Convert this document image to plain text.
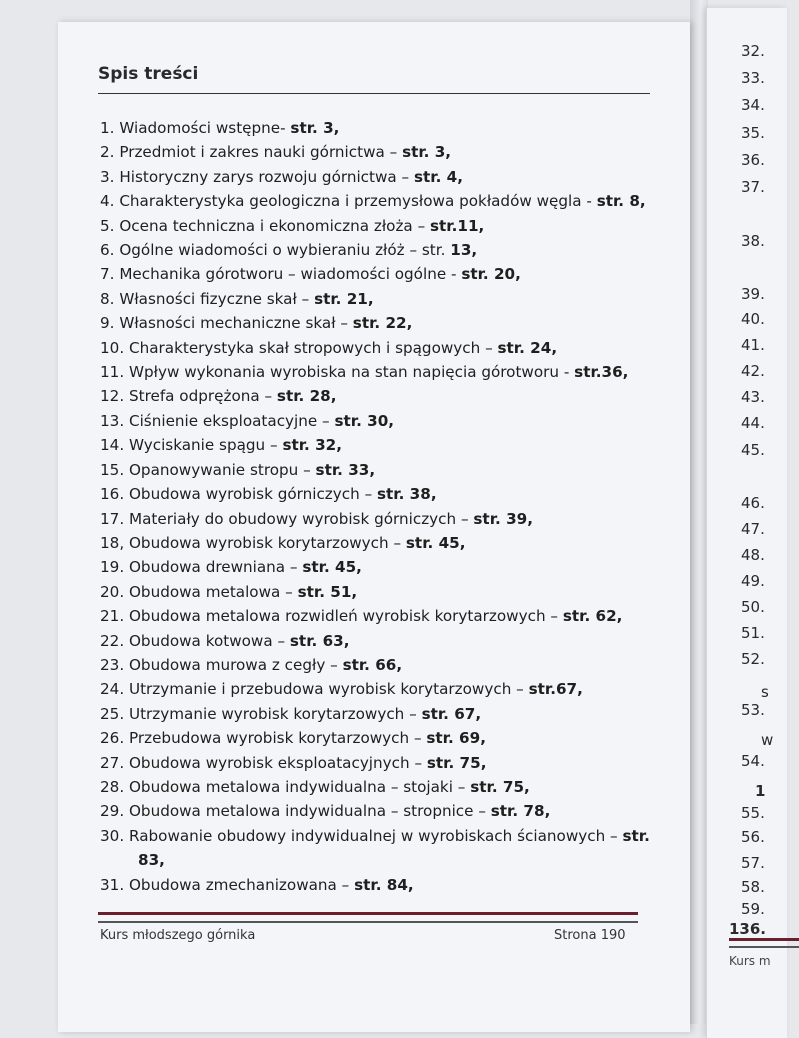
32.
33.
34.
35.
36.
37.
38.
39.
40.
41.
42.
43.
44.
45.
46.
47.
48.
49.
50.
51.
52.
s
53.
w
54.
1
55.
56.
57.
58.
59.
136.
Kurs m
Spis treści
1. Wiadomości wstępne- str. 3,
2. Przedmiot i zakres nauki górnictwa – str. 3,
3. Historyczny zarys rozwoju górnictwa – str. 4,
4. Charakterystyka geologiczna i przemysłowa pokładów węgla - str. 8,
5. Ocena techniczna i ekonomiczna złoża – str.11,
6. Ogólne wiadomości o wybieraniu złóż – str. 13,
7. Mechanika górotworu – wiadomości ogólne - str. 20,
8. Własności fizyczne skał – str. 21,
9. Własności mechaniczne skał – str. 22,
10. Charakterystyka skał stropowych i spągowych – str. 24,
11. Wpływ wykonania wyrobiska na stan napięcia górotworu - str.36,
12. Strefa odprężona – str. 28,
13. Ciśnienie eksploatacyjne – str. 30,
14. Wyciskanie spągu – str. 32,
15. Opanowywanie stropu – str. 33,
16. Obudowa wyrobisk górniczych – str. 38,
17. Materiały do obudowy wyrobisk górniczych – str. 39,
18, Obudowa wyrobisk korytarzowych – str. 45,
19. Obudowa drewniana – str. 45,
20. Obudowa metalowa – str. 51,
21. Obudowa metalowa rozwidleń wyrobisk korytarzowych – str. 62,
22. Obudowa kotwowa – str. 63,
23. Obudowa murowa z cegły – str. 66,
24. Utrzymanie i przebudowa wyrobisk korytarzowych – str.67,
25. Utrzymanie wyrobisk korytarzowych – str. 67,
26. Przebudowa wyrobisk korytarzowych – str. 69,
27. Obudowa wyrobisk eksploatacyjnych – str. 75,
28. Obudowa metalowa indywidualna – stojaki – str. 75,
29. Obudowa metalowa indywidualna – stropnice – str. 78,
30. Rabowanie obudowy indywidualnej w wyrobiskach ścianowych – str. 83,
31. Obudowa zmechanizowana – str. 84,
Kurs młodszego górnika	Strona 190
